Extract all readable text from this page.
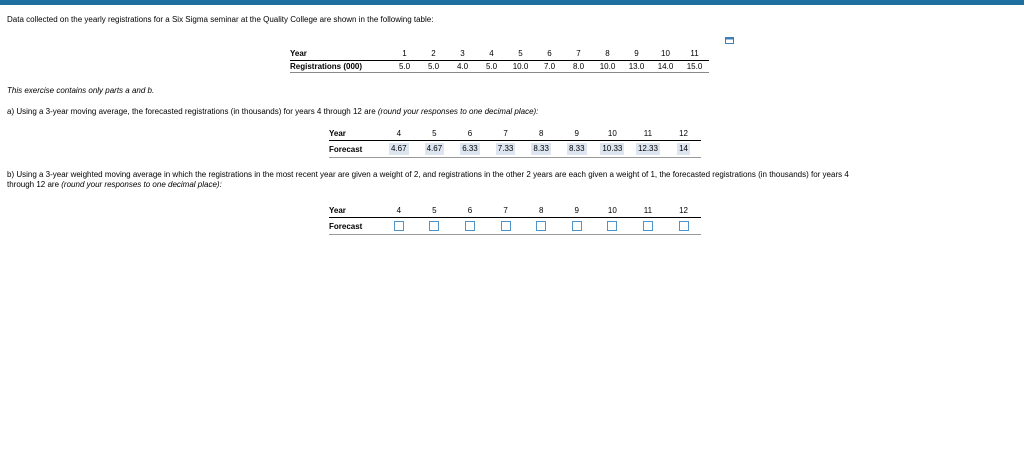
Data collected on the yearly registrations for a Six Sigma seminar at the Quality College are shown in the following table:
Year	1	2	3	4	5	6	7	8	9	10	11
Registrations (000)	5.0	5.0	4.0	5.0	10.0	7.0	8.0	10.0	13.0	14.0	15.0
This exercise contains only parts a and b.
a) Using a 3-year moving average, the forecasted registrations (in thousands) for years 4 through 12 are (round your responses to one decimal place):
Year	4	5	6	7	8	9	10	11	12
Forecast	4.67	4.67	6.33	7.33	8.33	8.33	10.33	12.33	14
b) Using a 3-year weighted moving average in which the registrations in the most recent year are given a weight of 2, and registrations in the other 2 years are each given a weight of 1, the forecasted registrations (in thousands) for years 4
through 12 are (round your responses to one decimal place):
Year	4	5	6	7	8	9	10	11	12
Forecast									
